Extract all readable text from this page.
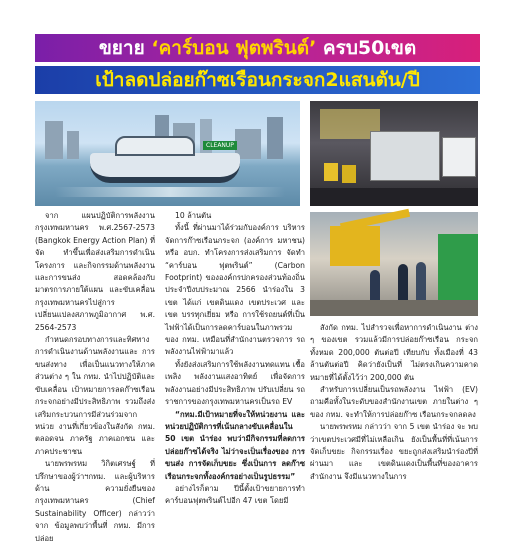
ขยาย ‘คาร์บอน ฟุตพรินต์’ ครบ50เขต
เป้าลดปล่อยก๊าซเรือนกระจก2แสนตัน/ปี
CLEANUP

จาก แผนปฏิบัติการพลังงาน กรุงเทพมหานคร พ.ศ.2567-2573 (Bangkok Energy Action Plan) ที่จัด ทำขึ้นเพื่อส่งเสริมการดำเนินโครงการ และกิจกรรมด้านพลังงานและการขนส่ง สอดคล้องกับมาตรการภายใต้แผน และขับเคลื่อนกรุงเทพมหานครไปสู่การ เปลี่ยนแปลงสภาพภูมิอากาศ พ.ศ. 2564-2573

กำหนดกรอบทางการและทิศทาง การดำเนินงานด้านพลังงานและ การขนส่งทาง เพื่อเป็นแนวทางให้ภาค ส่วนต่าง ๆ ใน กทม. นำไปปฏิบัติและ ขับเคลื่อน เป้าหมายการลดก๊าซเรือน กระจกอย่างมีประสิทธิภาพ รวมถึงส่ง เสริมกระบวนการมีส่วนร่วมจากหน่วย งานที่เกี่ยวข้องในสังกัด กทม. ตลอดจน ภาครัฐ ภาคเอกชน และภาคประชาชน

นายพรพรหม วิกิตเศรษฐ์ ที่ ปรึกษาของผู้ว่าฯกทม. และผู้บริหารด้าน ความยั่งยืนของกรุงเทพมหานคร (Chief Sustainability Officer) กล่าวว่า จาก ข้อมูลพบว่าพื้นที่ กทม. มีการปล่อย

10 ล้านตัน

ทั้งนี้ ที่ผ่านมาได้ร่วมกับองค์การ บริหารจัดการก๊าซเรือนกระจก (องค์การ มหาชน) หรือ อบก. ทำโครงการส่งเสริมการ จัดทำ “คาร์บอน ฟุตพรินต์” (Carbon Footprint) ขององค์กรปกครองส่วนท้องถิ่น ประจำปีงบประมาณ 2566 นำร่องใน 3 เขต ได้แก่ เขตดินแดง เขตประเวศ และเขต บรรทุกเยี่ยม หรือ การใช้รถยนต์ที่เป็น ไฟฟ้าได้เป็นการลดคาร์บอนในภาพรวม ของ กทม. เหมือนที่สำนักงานตรวจการ รถพลังงานไฟฟ้ามาแล้ว

ทั้งยังส่งเสริมการใช้พลังงานทดแทน เชื้อเพลิง พลังงานแสงอาทิตย์ เพื่อจัดการ พลังงานอย่างมีประสิทธิภาพ ปรับเปลี่ยน รถราชการของกรุงเทพมหานครเป็นรถ EV

“กทม.มีเป้าหมายที่จะให้หน่วยงาน และหน่วยปฏิบัติการที่เน้นกลางขับเคลื่อนใน 50 เขต นำร่อง พบว่ามีกิจกรรมที่ลดการปล่อยก๊าซได้จริง ไม่ว่าจะเป็นเรื่องของ การขนส่ง การจัดเก็บขยะ ซึ่งเป็นการ ลดก๊าซเรือนกระจกทั้งองค์กรอย่างเป็นรูปธรรม”

อย่างไรก็ตาม ปีนี้ตั้งเป้าขยายการทำ คาร์บอนฟุตพรินต์ไปอีก 47 เขต โดยมี

สังกัด กทม. ไปสำรวจเพื่อหาการดำเนินงาน ต่าง ๆ ของเขต รวมแล้วมีการปล่อยก๊าซเรือน กระจกทั้งหมด 200,000 ตันต่อปี เทียบกับ ทั้งเมืองที่ 43 ล้านตันต่อปี คิดว่ายังเป็นที่ ไม่ตรงเกินความคาดหมายที่ได้ตั้งไว้ว่า 200,000 ตัน

สำหรับการเปลี่ยนเป็นรถพลังงาน ไฟฟ้า (EV) ถามคือทั้งในระดับของสำนักงานเขต ภายในต่าง ๆ ของ กทม. จะทำให้การปล่อยก๊าซ เรือนกระจกลดลง

นายพรพรหม กล่าวว่า จาก 5 เขต นำร่อง จะ พบว่าเขตประเวศมีที่ไม่เหลือเกิน ยังเป็นพื้นที่ที่เน้นการจัดเก็บขยะ กิจกรรมเรื่อง ขยะถูกส่งเสริมนำร่องปีที่ผ่านมา และ เขตดินแดงเป็นพื้นที่ของอาคารสำนักงาน จึงมีแนวทางในการ
